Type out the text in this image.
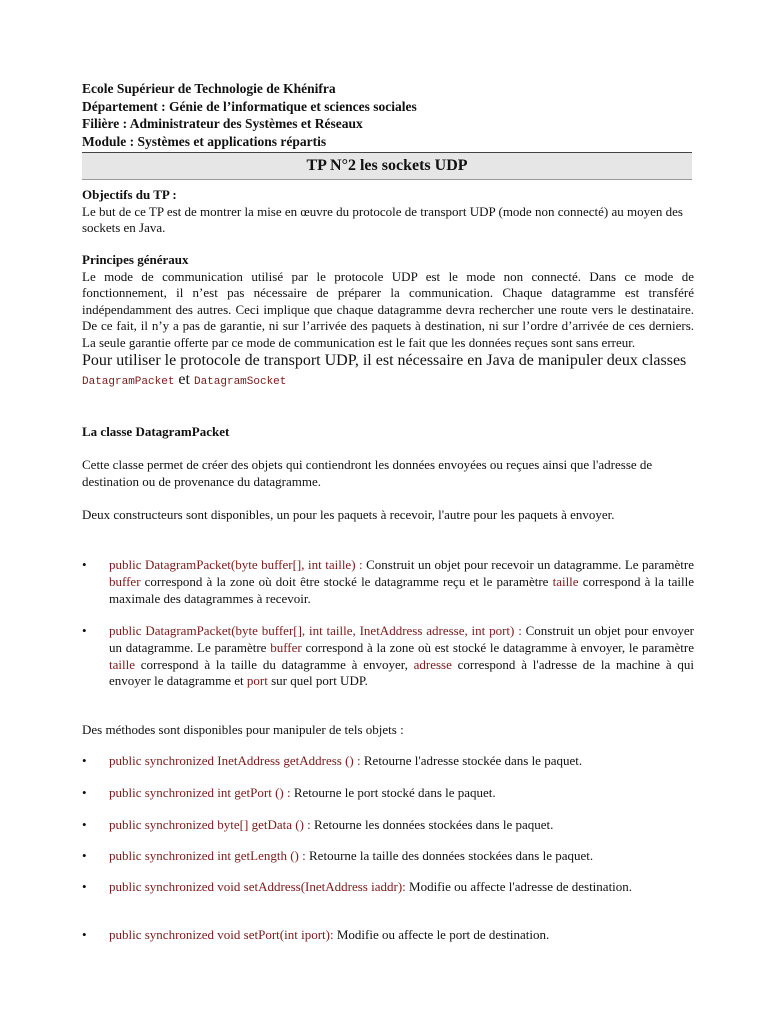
Ecole Supérieur de Technologie de Khénifra
Département : Génie de l’informatique et sciences sociales
Filière : Administrateur des Systèmes et Réseaux
Module : Systèmes et applications répartis
TP N°2 les sockets UDP
Objectifs du TP :
Le but de ce TP est de montrer la mise en œuvre du protocole de transport UDP (mode non connecté) au moyen des sockets en Java.
Principes généraux
Le mode de communication utilisé par le protocole UDP est le mode non connecté. Dans ce mode de fonctionnement, il n’est pas nécessaire de préparer la communication. Chaque datagramme est transféré indépendamment des autres. Ceci implique que chaque datagramme devra rechercher une route vers le destinataire. De ce fait, il n’y a pas de garantie, ni sur l’arrivée des paquets à destination, ni sur l’ordre d’arrivée de ces derniers. La seule garantie offerte par ce mode de communication est le fait que les données reçues sont sans erreur.
Pour utiliser le protocole de transport UDP, il est nécessaire en Java de manipuler deux classes DatagramPacket et DatagramSocket
La classe DatagramPacket
Cette classe permet de créer des objets qui contiendront les données envoyées ou reçues ainsi que l'adresse de destination ou de provenance du datagramme.
Deux constructeurs sont disponibles, un pour les paquets à recevoir, l'autre pour les paquets à envoyer.
• public DatagramPacket(byte buffer[], int taille) : Construit un objet pour recevoir un datagramme. Le paramètre buffer correspond à la zone où doit être stocké le datagramme reçu et le paramètre taille correspond à la taille maximale des datagrammes à recevoir.
• public DatagramPacket(byte buffer[], int taille, InetAddress adresse, int port) : Construit un objet pour envoyer un datagramme. Le paramètre buffer correspond à la zone où est stocké le datagramme à envoyer, le paramètre taille correspond à la taille du datagramme à envoyer, adresse correspond à l'adresse de la machine à qui envoyer le datagramme et port sur quel port UDP.
Des méthodes sont disponibles pour manipuler de tels objets :
• public synchronized InetAddress getAddress () : Retourne l'adresse stockée dans le paquet.
• public synchronized int getPort () : Retourne le port stocké dans le paquet.
• public synchronized byte[] getData () : Retourne les données stockées dans le paquet.
• public synchronized int getLength () : Retourne la taille des données stockées dans le paquet.
• public synchronized void setAddress(InetAddress iaddr): Modifie ou affecte l'adresse de destination.
• public synchronized void setPort(int iport): Modifie ou affecte le port de destination.
